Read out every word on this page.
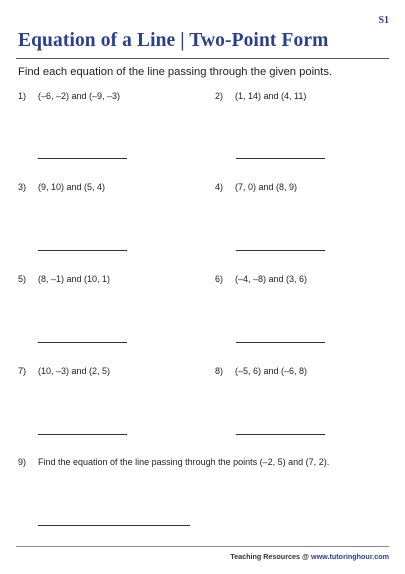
S1
Equation of a Line | Two-Point Form
Find each equation of the line passing through the given points.
1) (–6, –2) and (–9, –3)	2) (1, 14) and (4, 11)
3) (9, 10) and (5, 4)	4) (7, 0) and (8, 9)
5) (8, –1) and (10, 1)	6) (–4, –8) and (3, 6)
7) (10, –3) and (2, 5)	8) (–5, 6) and (–6, 8)
9) Find the equation of the line passing through the points (–2, 5) and (7, 2).
Teaching Resources @ www.tutoringhour.com
